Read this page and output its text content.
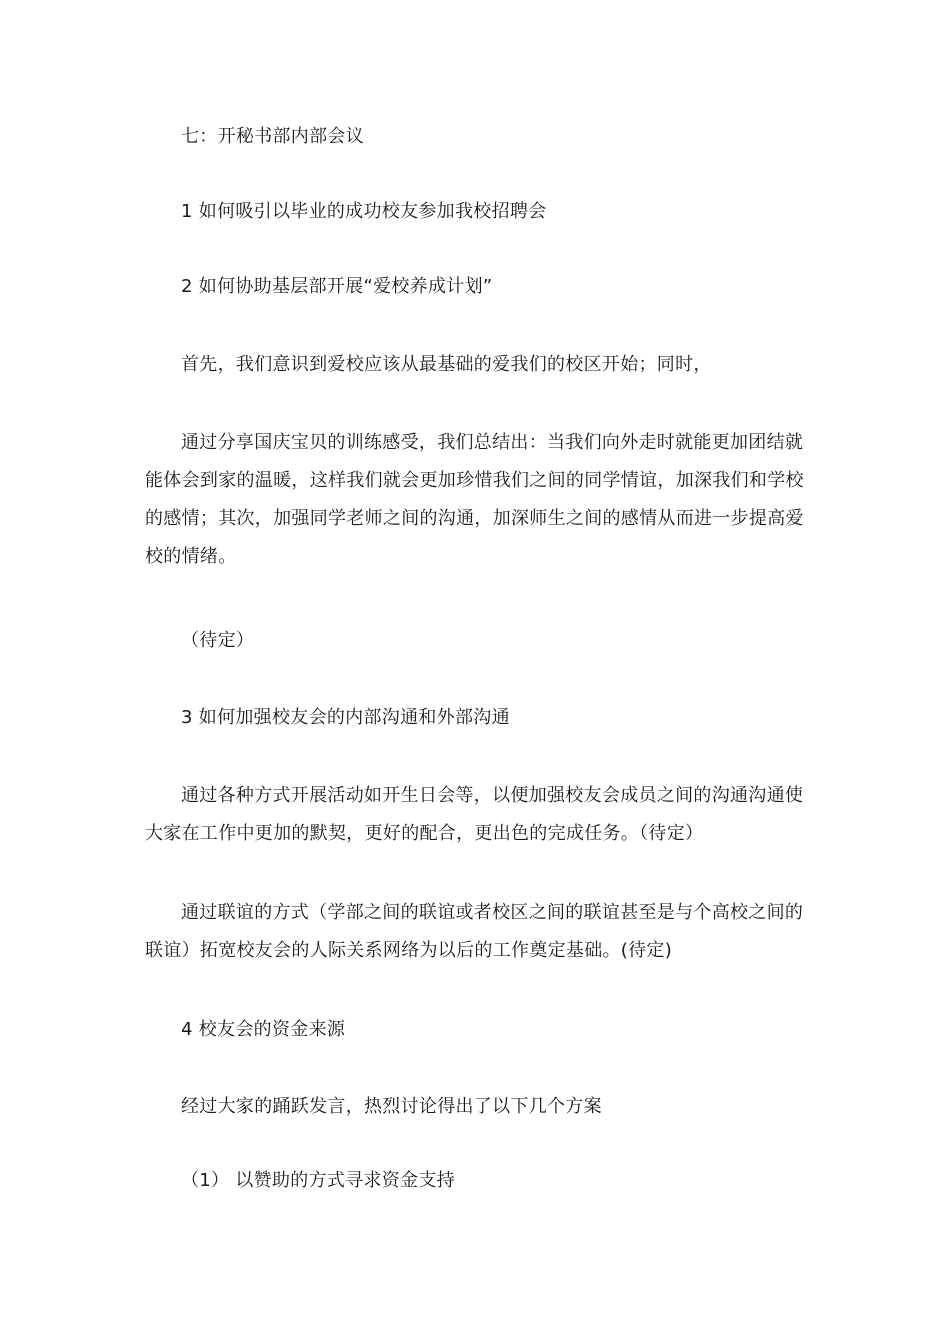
七：开秘书部内部会议

1 如何吸引以毕业的成功校友参加我校招聘会

2 如何协助基层部开展“爱校养成计划”

首先，我们意识到爱校应该从最基础的爱我们的校区开始；同时，

通过分享国庆宝贝的训练感受，我们总结出：当我们向外走时就能更加团结就能体会到家的温暖，这样我们就会更加珍惜我们之间的同学情谊，加深我们和学校的感情；其次，加强同学老师之间的沟通，加深师生之间的感情从而进一步提高爱校的情绪。

（待定）

3 如何加强校友会的内部沟通和外部沟通

通过各种方式开展活动如开生日会等，以便加强校友会成员之间的沟通沟通使大家在工作中更加的默契，更好的配合，更出色的完成任务。（待定）

通过联谊的方式（学部之间的联谊或者校区之间的联谊甚至是与个高校之间的联谊）拓宽校友会的人际关系网络为以后的工作奠定基础。(待定)

4 校友会的资金来源

经过大家的踊跃发言，热烈讨论得出了以下几个方案

（1） 以赞助的方式寻求资金支持
